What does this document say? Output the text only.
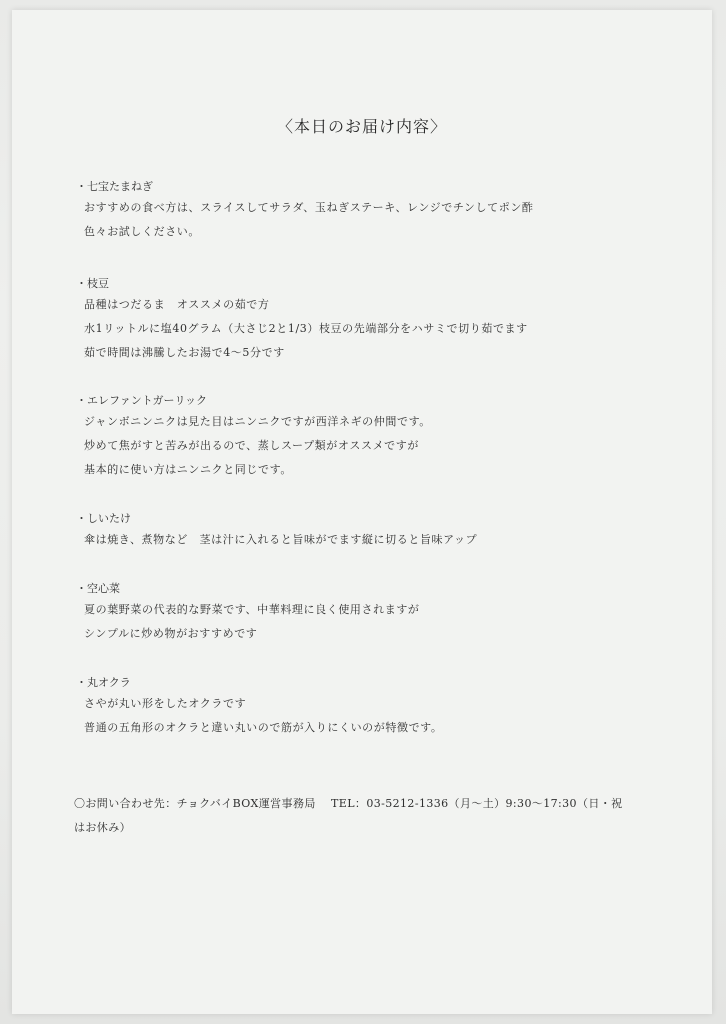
〈本日のお届け内容〉
・七宝たまねぎ
おすすめの食べ方は、スライスしてサラダ、玉ねぎステーキ、レンジでチンしてポン酢
色々お試しください。
・枝豆
品種はつだるま　オススメの茹で方
水1リットルに塩40グラム（大さじ2と1/3）枝豆の先端部分をハサミで切り茹でます
茹で時間は沸騰したお湯で4～5分です
・エレファントガーリック
ジャンボニンニクは見た目はニンニクですが西洋ネギの仲間です。
炒めて焦がすと苦みが出るので、蒸しスープ類がオススメですが
基本的に使い方はニンニクと同じです。
・しいたけ
傘は焼き、煮物など　茎は汁に入れると旨味がでます縦に切ると旨味アップ
・空心菜
夏の葉野菜の代表的な野菜です、中華料理に良く使用されますが
シンプルに炒め物がおすすめです
・丸オクラ
さやが丸い形をしたオクラです
普通の五角形のオクラと違い丸いので筋が入りにくいのが特徴です。
〇お問い合わせ先：チョクバイBOX運営事務局　 TEL：03-5212-1336（月～土）9:30～17:30（日・祝
はお休み）
